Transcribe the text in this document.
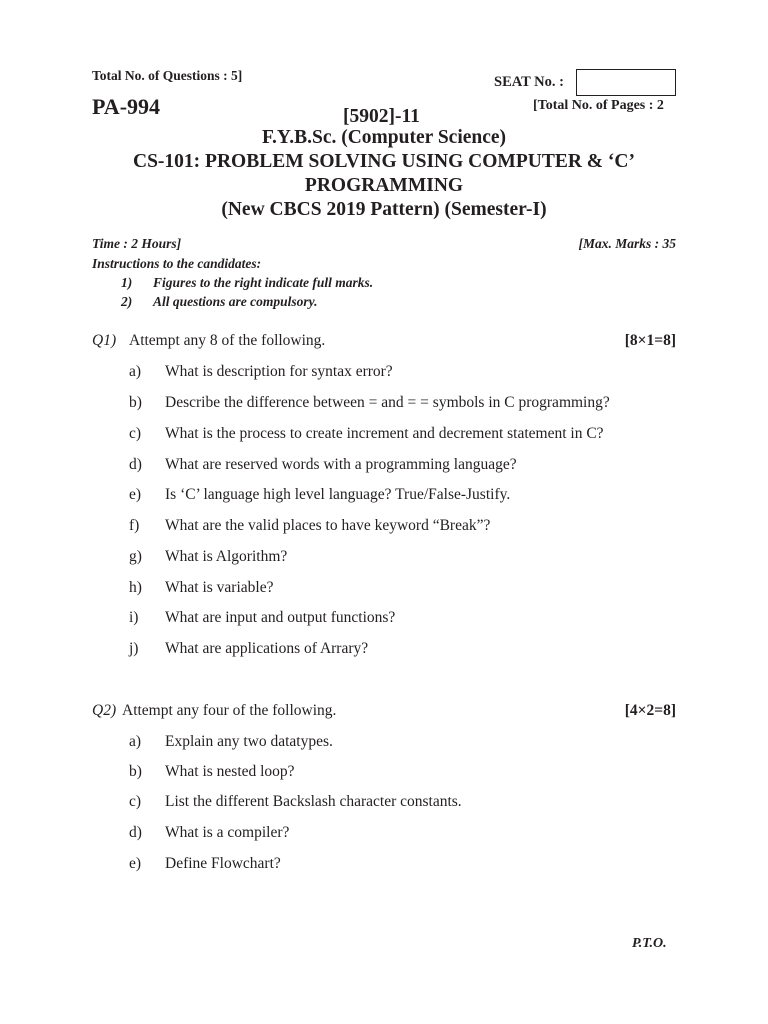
Total No. of Questions : 5]	SEAT No. :
PA-994	[Total No. of Pages : 2
[5902]-11
F.Y.B.Sc. (Computer Science)
CS-101: PROBLEM SOLVING USING COMPUTER & ‘C’
PROGRAMMING
(New CBCS 2019 Pattern) (Semester-I)
Time : 2 Hours]	[Max. Marks : 35
Instructions to the candidates:
1) Figures to the right indicate full marks.
2) All questions are compulsory.
Q1) Attempt any 8 of the following.	[8×1=8]
a) What is description for syntax error?
b) Describe the difference between = and = = symbols in C programming?
c) What is the process to create increment and decrement statement in C?
d) What are reserved words with a programming language?
e) Is ‘C’ language high level language? True/False-Justify.
f) What are the valid places to have keyword “Break”?
g) What is Algorithm?
h) What is variable?
i) What are input and output functions?
j) What are applications of Arrary?
Q2) Attempt any four of the following.	[4×2=8]
a) Explain any two datatypes.
b) What is nested loop?
c) List the different Backslash character constants.
d) What is a compiler?
e) Define Flowchart?
P.T.O.
